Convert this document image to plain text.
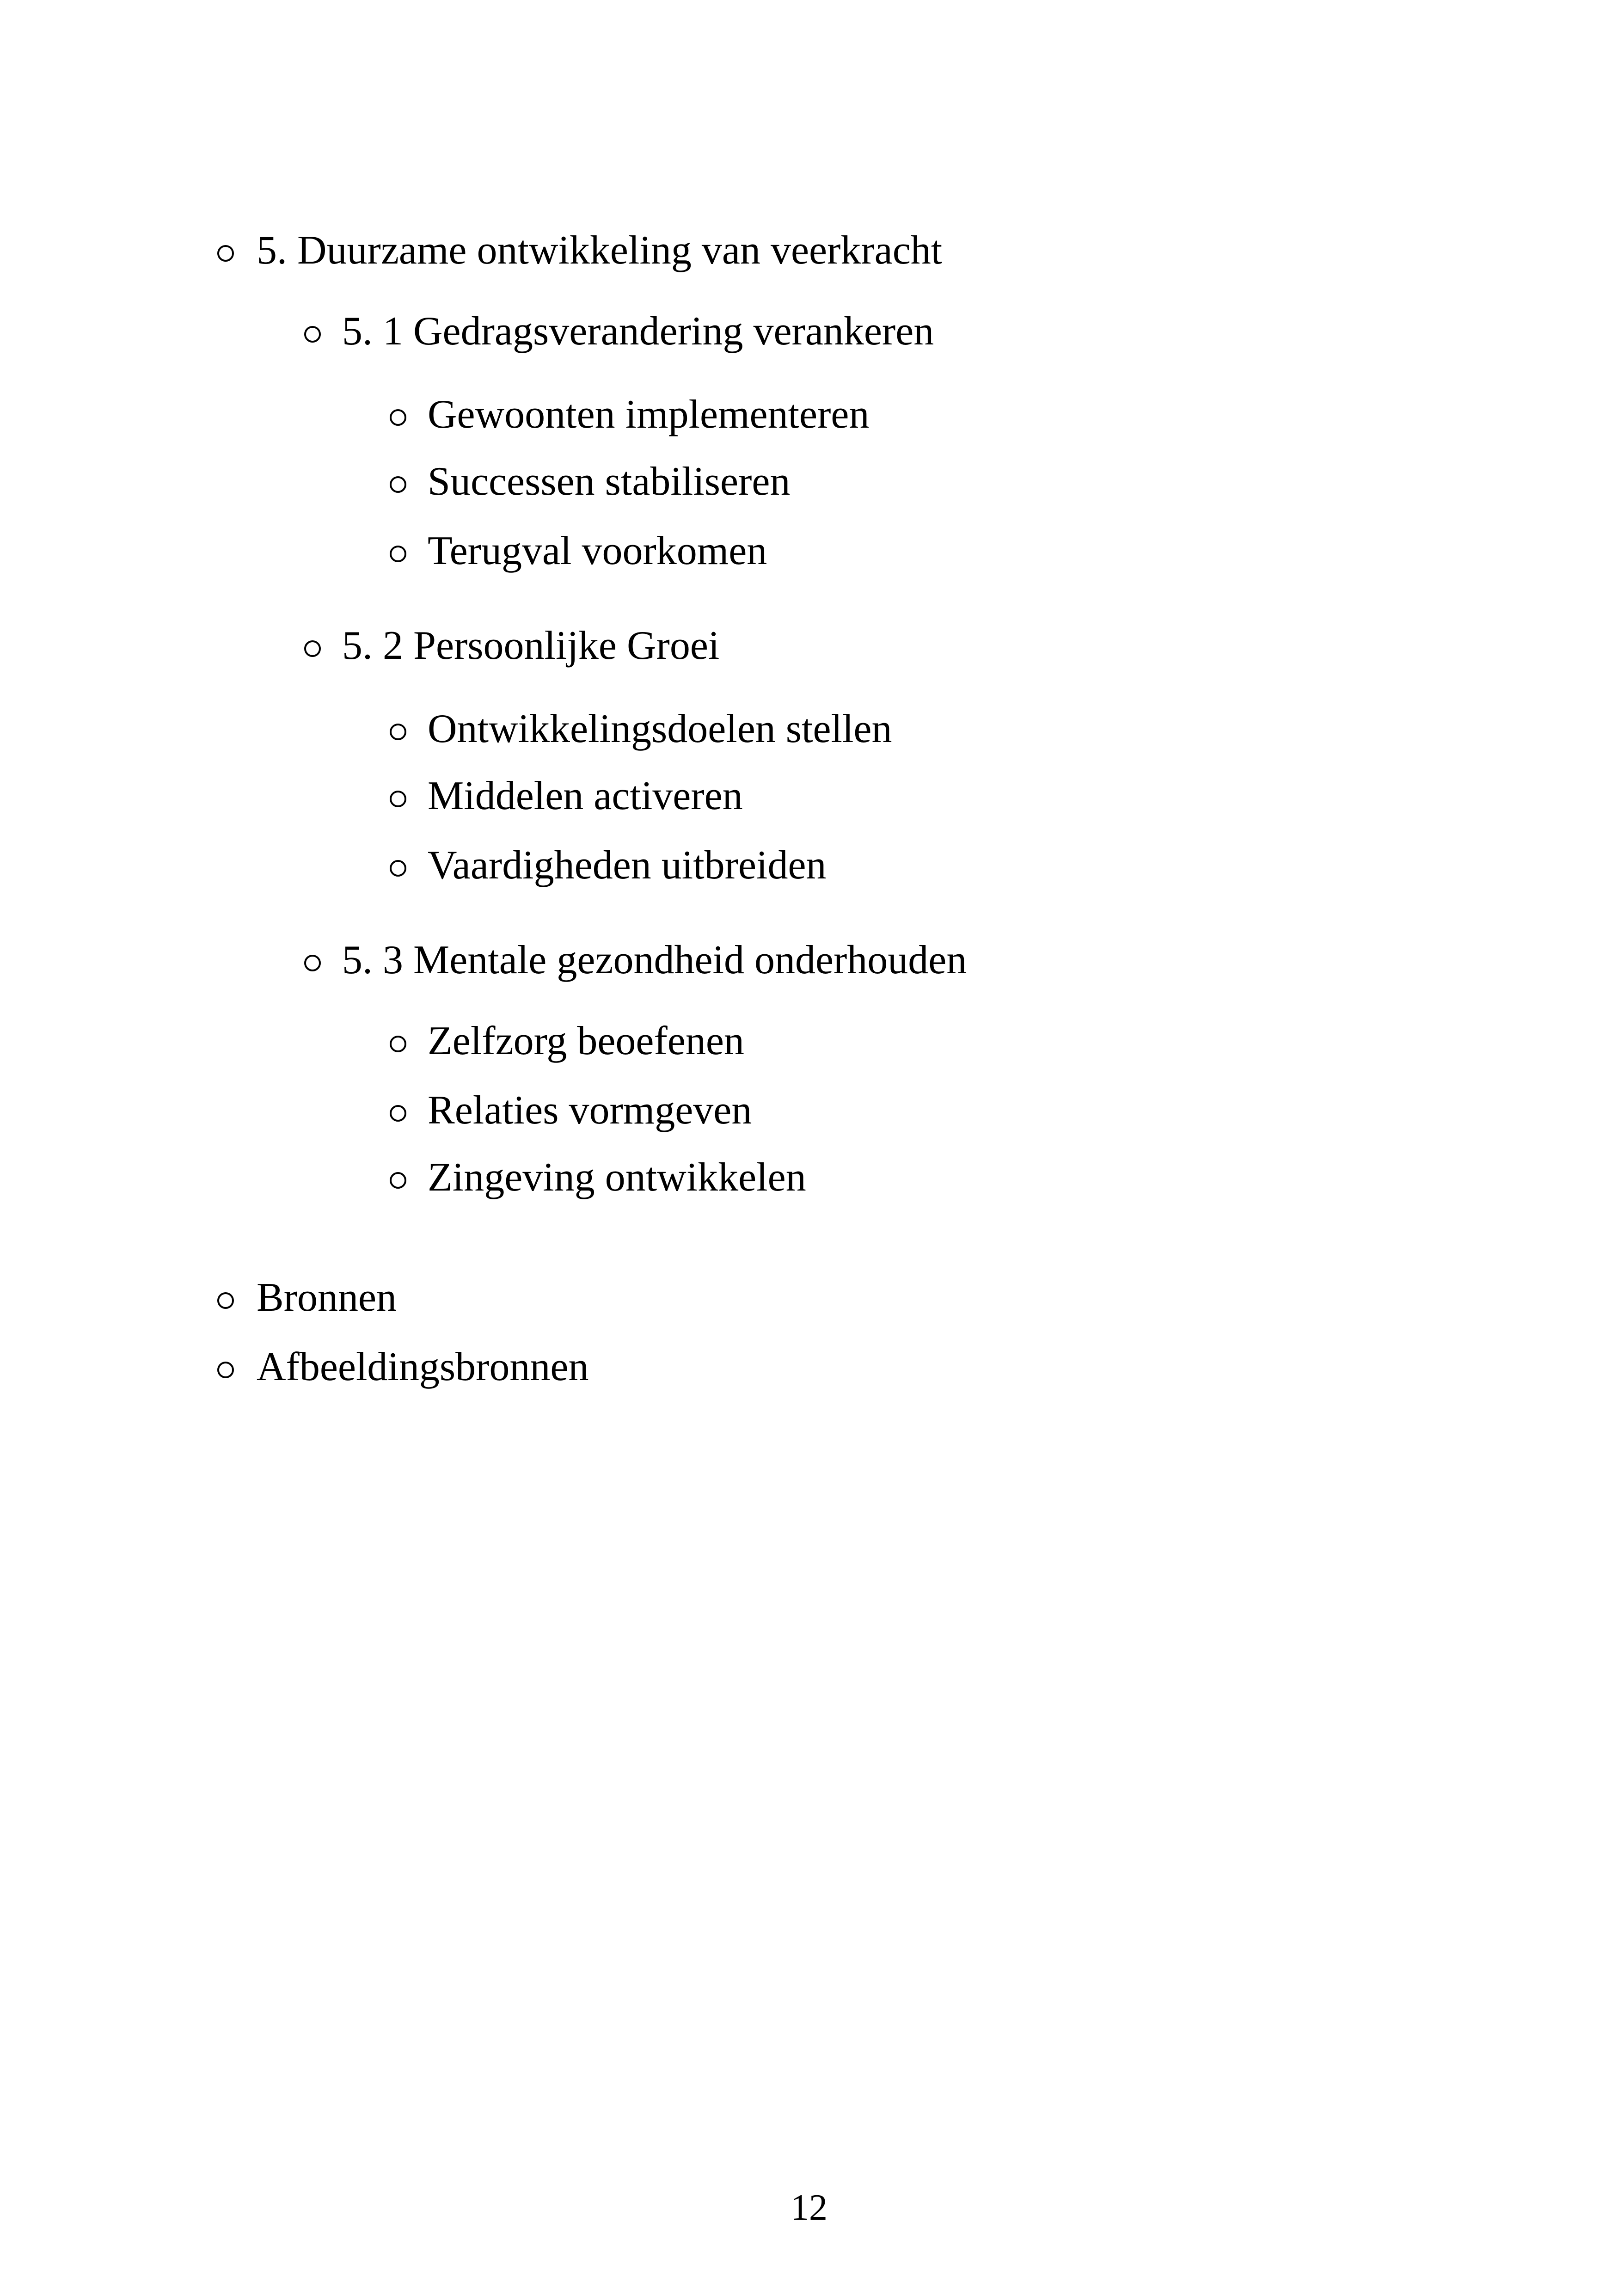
5. Duurzame ontwikkeling van veerkracht
5. 1 Gedragsverandering verankeren
Gewoonten implementeren
Successen stabiliseren
Terugval voorkomen
5. 2 Persoonlijke Groei
Ontwikkelingsdoelen stellen
Middelen activeren
Vaardigheden uitbreiden
5. 3 Mentale gezondheid onderhouden
Zelfzorg beoefenen
Relaties vormgeven
Zingeving ontwikkelen
Bronnen
Afbeeldingsbronnen
12
